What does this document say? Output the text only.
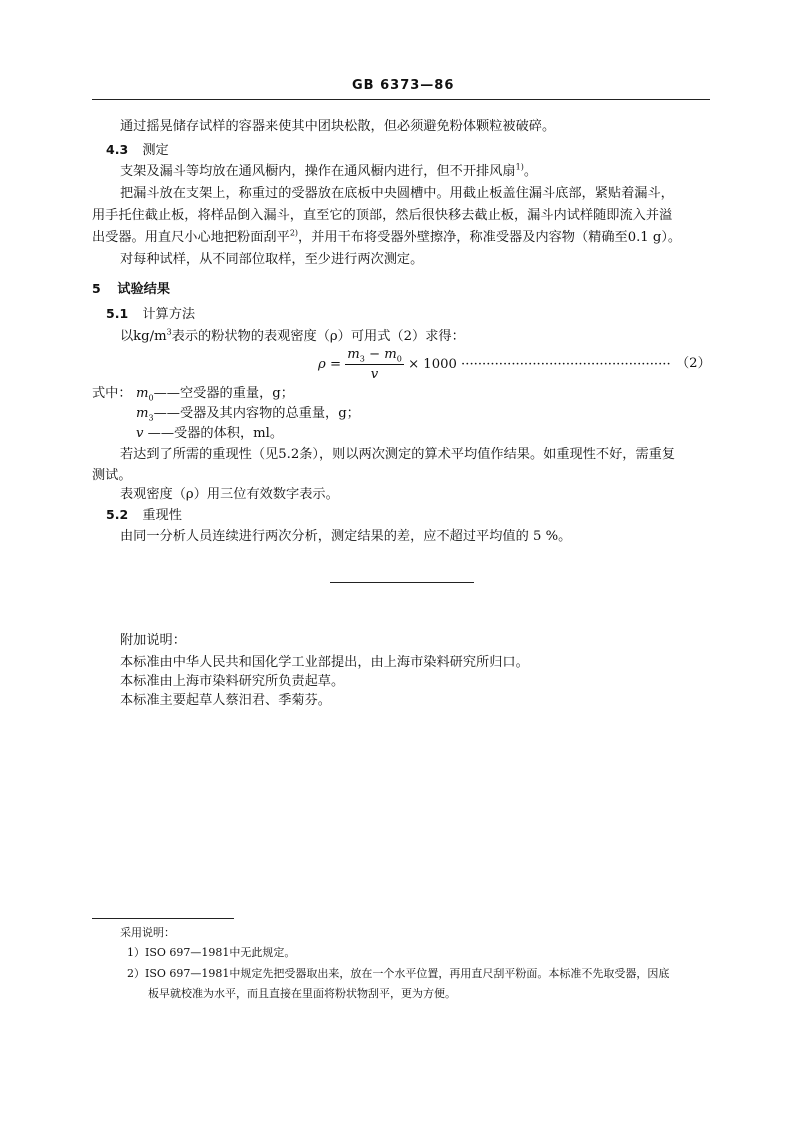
GB 6373—86
通过摇晃储存试样的容器来使其中团块松散，但必须避免粉体颗粒被破碎。
4.3 测定
支架及漏斗等均放在通风橱内，操作在通风橱内进行，但不开排风扇$^{1)}$。
把漏斗放在支架上，称重过的受器放在底板中央圆槽中。用截止板盖住漏斗底部，紧贴着漏斗，
用手托住截止板，将样品倒入漏斗，直至它的顶部，然后很快移去截止板，漏斗内试样随即流入并溢
出受器。用直尺小心地把粉面刮平$^{2)}$，并用干布将受器外壁擦净，称准受器及内容物（精确至0.1 g）。
对每种试样，从不同部位取样，至少进行两次测定。
5 试验结果
5.1 计算方法
以$kg/m^3$表示的粉状物的表观密度（ρ）可用式（2）求得：
$\rho = \frac{m_3 - m_0}{v} \times 1000$ ·················································· （2）
式中： $m_0——$空受器的重量，g；
$m_3——$受器及其内容物的总重量，g；
v ——受器的体积，ml。
若达到了所需的重现性（见5.2条），则以两次测定的算术平均值作结果。如重现性不好，需重复
测试。
表观密度（ρ）用三位有效数字表示。
5.2 重现性
由同一分析人员连续进行两次分析，测定结果的差，应不超过平均值的 5 %。
附加说明：
本标准由中华人民共和国化学工业部提出，由上海市染料研究所归口。
本标准由上海市染料研究所负责起草。
本标准主要起草人蔡汨君、季菊芬。
采用说明：
1）ISO 697—1981中无此规定。
2）ISO 697—1981中规定先把受器取出来，放在一个水平位置，再用直尺刮平粉面。本标准不先取受器，因底
板早就校准为水平，而且直接在里面将粉状物刮平，更为方便。
